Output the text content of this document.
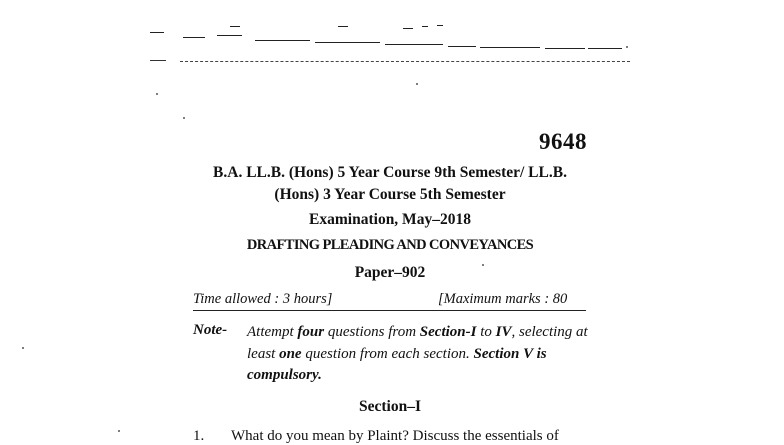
9648
B.A. LL.B. (Hons) 5 Year Course 9th Semester/ LL.B.
(Hons) 3 Year Course 5th Semester
Examination, May–2018
DRAFTING PLEADING AND CONVEYANCES
Paper–902
Time allowed : 3 hours]	[Maximum marks : 80
Note- Attempt four questions from Section-I to IV, selecting at least one question from each section. Section V is compulsory.
Section–I
1. What do you mean by Plaint? Discuss the essentials of
